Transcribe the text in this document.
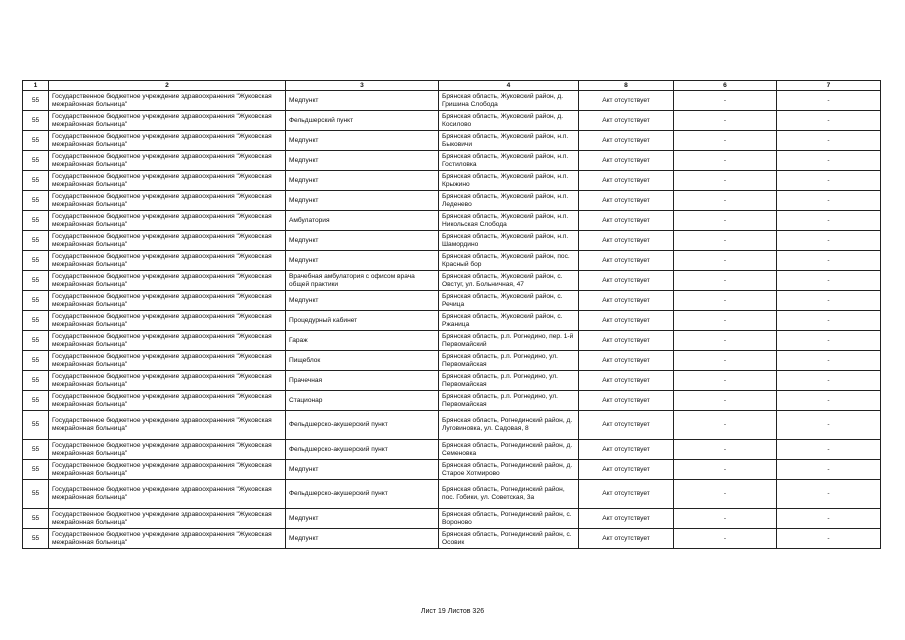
1	2	3	4	8	6	7
55	Государственное бюджетное учреждение здравоохранения "Жуковская межрайонная больница"	Медпункт	Брянская область, Жуковский район, д. Гришина Слобода	Акт отсутствует	-	-
55	Государственное бюджетное учреждение здравоохранения "Жуковская межрайонная больница"	Фельдшерский пункт	Брянская область, Жуковский район, д. Косилово	Акт отсутствует	-	-
55	Государственное бюджетное учреждение здравоохранения "Жуковская межрайонная больница"	Медпункт	Брянская область, Жуковский район, н.п. Быковичи	Акт отсутствует	-	-
55	Государственное бюджетное учреждение здравоохранения "Жуковская межрайонная больница"	Медпункт	Брянская область, Жуковский район, н.п. Гостиловка	Акт отсутствует	-	-
55	Государственное бюджетное учреждение здравоохранения "Жуковская межрайонная больница"	Медпункт	Брянская область, Жуковский район, н.п. Крыжино	Акт отсутствует	-	-
55	Государственное бюджетное учреждение здравоохранения "Жуковская межрайонная больница"	Медпункт	Брянская область, Жуковский район, н.п. Леденево	Акт отсутствует	-	-
55	Государственное бюджетное учреждение здравоохранения "Жуковская межрайонная больница"	Амбулатория	Брянская область, Жуковский район, н.п. Никольская Слобода	Акт отсутствует	-	-
55	Государственное бюджетное учреждение здравоохранения "Жуковская межрайонная больница"	Медпункт	Брянская область, Жуковский район, н.п. Шамордино	Акт отсутствует	-	-
55	Государственное бюджетное учреждение здравоохранения "Жуковская межрайонная больница"	Медпункт	Брянская область, Жуковский район, пос. Красный бор	Акт отсутствует	-	-
55	Государственное бюджетное учреждение здравоохранения "Жуковская межрайонная больница"	Врачебная амбулатория с офисом врача общей практики	Брянская область, Жуковский район, с. Овстуг, ул. Больничная, 47	Акт отсутствует	-	-
55	Государственное бюджетное учреждение здравоохранения "Жуковская межрайонная больница"	Медпункт	Брянская область, Жуковский район, с. Речица	Акт отсутствует	-	-
55	Государственное бюджетное учреждение здравоохранения "Жуковская межрайонная больница"	Процедурный кабинет	Брянская область, Жуковский район, с. Ржаница	Акт отсутствует	-	-
55	Государственное бюджетное учреждение здравоохранения "Жуковская межрайонная больница"	Гараж	Брянская область, р.п. Рогнедино, пер. 1-й Первомайский	Акт отсутствует	-	-
55	Государственное бюджетное учреждение здравоохранения "Жуковская межрайонная больница"	Пищеблок	Брянская область, р.п. Рогнедино, ул. Первомайская	Акт отсутствует	-	-
55	Государственное бюджетное учреждение здравоохранения "Жуковская межрайонная больница"	Прачечная	Брянская область, р.п. Рогнедино, ул. Первомайская	Акт отсутствует	-	-
55	Государственное бюджетное учреждение здравоохранения "Жуковская межрайонная больница"	Стационар	Брянская область, р.п. Рогнедино, ул. Первомайская	Акт отсутствует	-	-
55	Государственное бюджетное учреждение здравоохранения "Жуковская межрайонная больница"	Фельдшерско-акушерский пункт	Брянская область, Рогнединский район, д. Луговиновка, ул. Садовая, 8	Акт отсутствует	-	-
55	Государственное бюджетное учреждение здравоохранения "Жуковская межрайонная больница"	Фельдшерско-акушерский пункт	Брянская область, Рогнединский район, д. Семеновка	Акт отсутствует	-	-
55	Государственное бюджетное учреждение здравоохранения "Жуковская межрайонная больница"	Медпункт	Брянская область, Рогнединский район, д. Старое Хотмирово	Акт отсутствует	-	-
55	Государственное бюджетное учреждение здравоохранения "Жуковская межрайонная больница"	Фельдшерско-акушерский пункт	Брянская область, Рогнединский район, пос. Гобики, ул. Советская, 3а	Акт отсутствует	-	-
55	Государственное бюджетное учреждение здравоохранения "Жуковская межрайонная больница"	Медпункт	Брянская область, Рогнединский район, с. Вороново	Акт отсутствует	-	-
55	Государственное бюджетное учреждение здравоохранения "Жуковская межрайонная больница"	Медпункт	Брянская область, Рогнединский район, с. Осовик	Акт отсутствует	-	-
Лист 19 Листов 326
